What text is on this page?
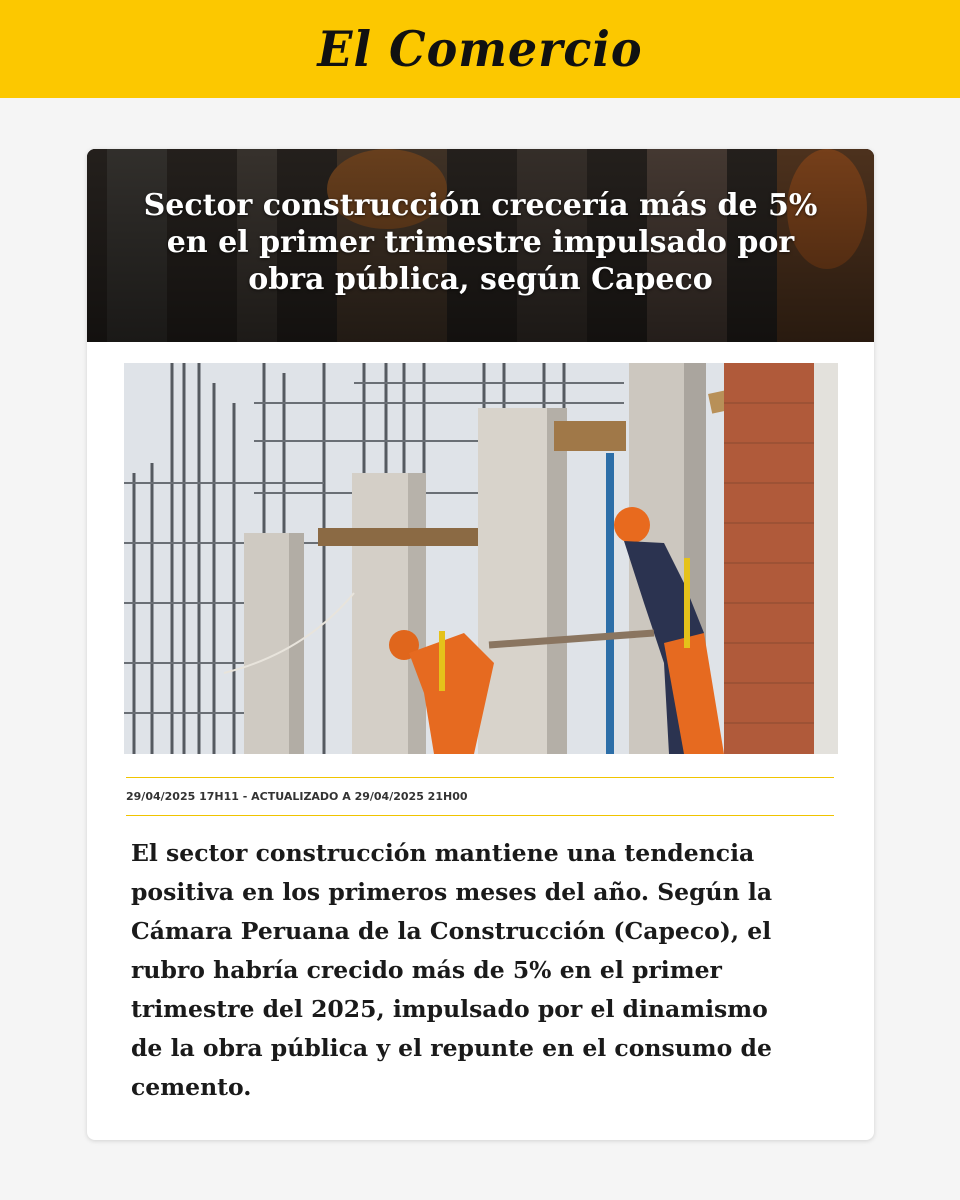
El Comercio
Sector construcción crecería más de 5% en el primer trimestre impulsado por obra pública, según Capeco
29/04/2025 17H11 - ACTUALIZADO A 29/04/2025 21H00

El sector construcción mantiene una tendencia positiva en los primeros meses del año. Según la Cámara Peruana de la Construcción (Capeco), el rubro habría crecido más de 5% en el primer trimestre del 2025, impulsado por el dinamismo de la obra pública y el repunte en el consumo de cemento.
